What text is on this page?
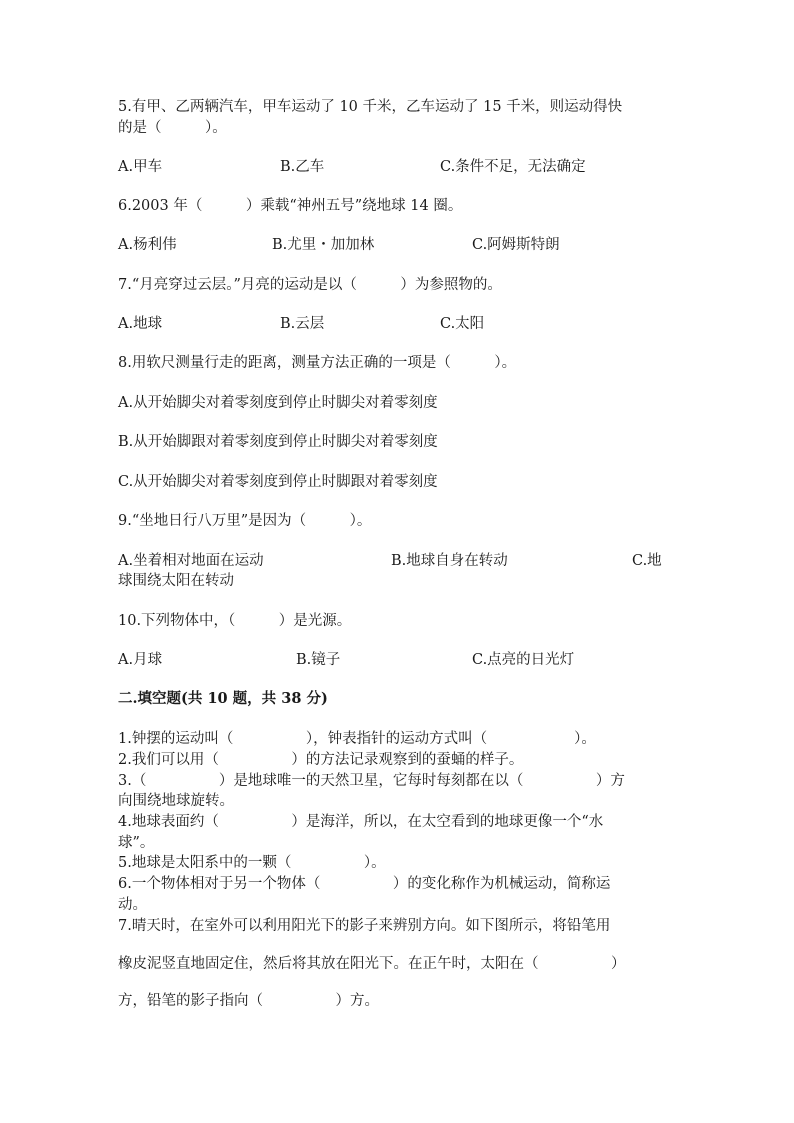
5.有甲、乙两辆汽车，甲车运动了 10 千米，乙车运动了 15 千米，则运动得快
的是（　　　）。
A.甲车	B.乙车	C.条件不足，无法确定
6.2003 年（　　　）乘载“神州五号”绕地球 14 圈。
A.杨利伟	B.尤里・加加林	C.阿姆斯特朗
7.“月亮穿过云层。”月亮的运动是以（　　　）为参照物的。
A.地球	B.云层	C.太阳
8.用软尺测量行走的距离，测量方法正确的一项是（　　　）。
A.从开始脚尖对着零刻度到停止时脚尖对着零刻度
B.从开始脚跟对着零刻度到停止时脚尖对着零刻度
C.从开始脚尖对着零刻度到停止时脚跟对着零刻度
9.“坐地日行八万里”是因为（　　　）。
A.坐着相对地面在运动	B.地球自身在转动	C.地
球围绕太阳在转动
10.下列物体中，（　　　）是光源。
A.月球	B.镜子	C.点亮的日光灯
二.填空题(共 10 题，共 38 分)
1.钟摆的运动叫（　　　　　），钟表指针的运动方式叫（　　　　　　）。
2.我们可以用（　　　　　）的方法记录观察到的蚕蛹的样子。
3.（　　　　　）是地球唯一的天然卫星，它每时每刻都在以（　　　　　）方
向围绕地球旋转。
4.地球表面约（　　　　　）是海洋，所以，在太空看到的地球更像一个“水
球”。
5.地球是太阳系中的一颗（　　　　　）。
6.一个物体相对于另一个物体（　　　　　）的变化称作为机械运动，简称运
动。
7.晴天时，在室外可以利用阳光下的影子来辨别方向。如下图所示，将铅笔用
橡皮泥竖直地固定住，然后将其放在阳光下。在正午时，太阳在（　　　　　）
方，铅笔的影子指向（　　　　　）方。
